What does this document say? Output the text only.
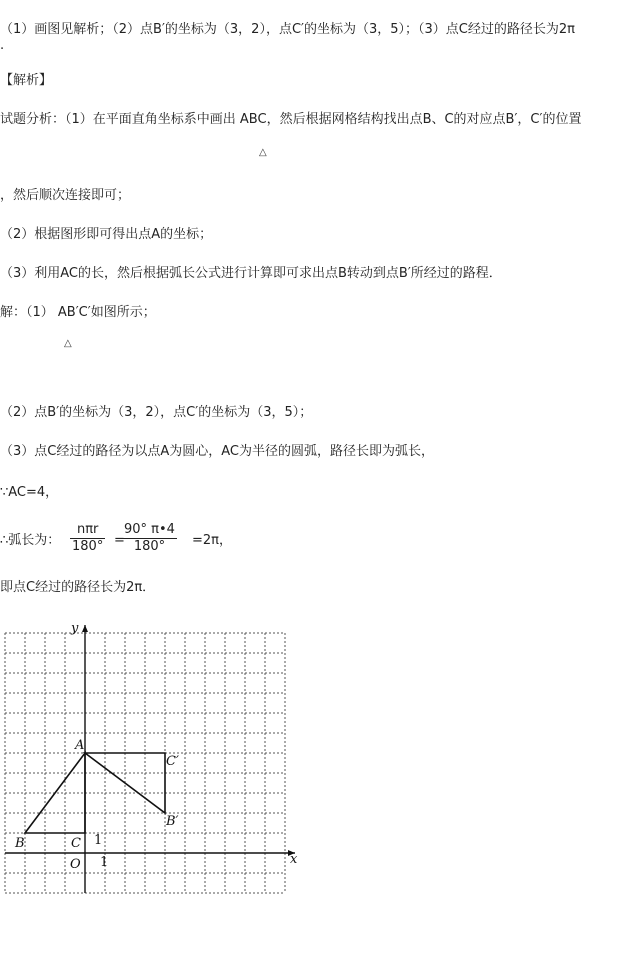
（1）画图见解析；（2）点B′的坐标为（3，2），点C′的坐标为（3，5）；（3）点C经过的路径长为2π
.
【解析】
试题分析：（1）在平面直角坐标系中画出 ABC，然后根据网格结构找出点B、C的对应点B′，C′的位置
△
，然后顺次连接即可；
（2）根据图形即可得出点A的坐标；
（3）利用AC的长，然后根据弧长公式进行计算即可求出点B转动到点B′所经过的路程．
解：（1） AB′C′如图所示；
△
（2）点B′的坐标为（3，2），点C′的坐标为（3，5）；
（3）点C经过的路径为以点A为圆心，AC为半径的圆弧，路径长即为弧长，
∵AC=4，
∴弧长为：
nπr
180° =
$\frac{90^\circ \pi•4}{180^\circ} =2\pi$，
即点C经过的路径长为2π．
x
y
O 1
1
A
B	C
B′
C′
